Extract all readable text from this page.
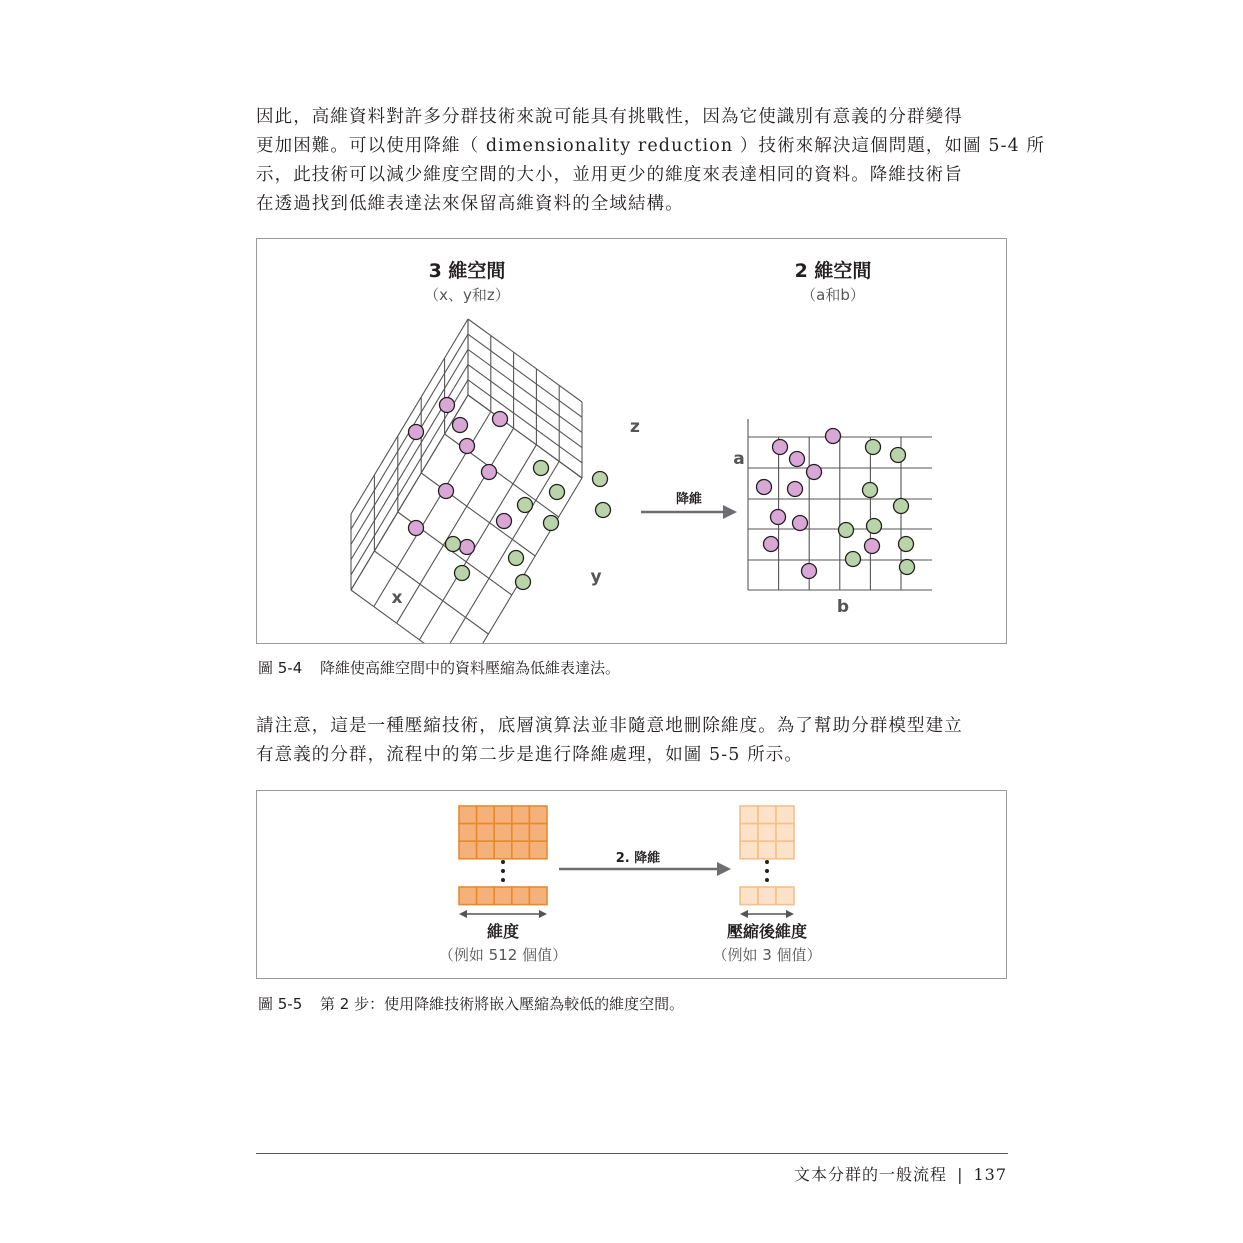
因此，高維資料對許多分群技術來說可能具有挑戰性，因為它使識別有意義的分群變得
更加困難。可以使用降維（ dimensionality reduction ）技術來解決這個問題，如圖 5-4 所
示，此技術可以減少維度空間的大小，並用更少的維度來表達相同的資料。降維技術旨
在透過找到低維表達法來保留高維資料的全域結構。
3 維空間
（x、y和z）
2 維空間
（a和b）
x
y
z
降維
a
b
圖 5-4 降維使高維空間中的資料壓縮為低維表達法。
請注意，這是一種壓縮技術，底層演算法並非隨意地刪除維度。為了幫助分群模型建立
有意義的分群，流程中的第二步是進行降維處理，如圖 5-5 所示。
2. 降維
維度
（例如 512 個值）
壓縮後維度
（例如 3 個值）
圖 5-5 第 2 步：使用降維技術將嵌入壓縮為較低的維度空間。
文本分群的一般流程 | 137
